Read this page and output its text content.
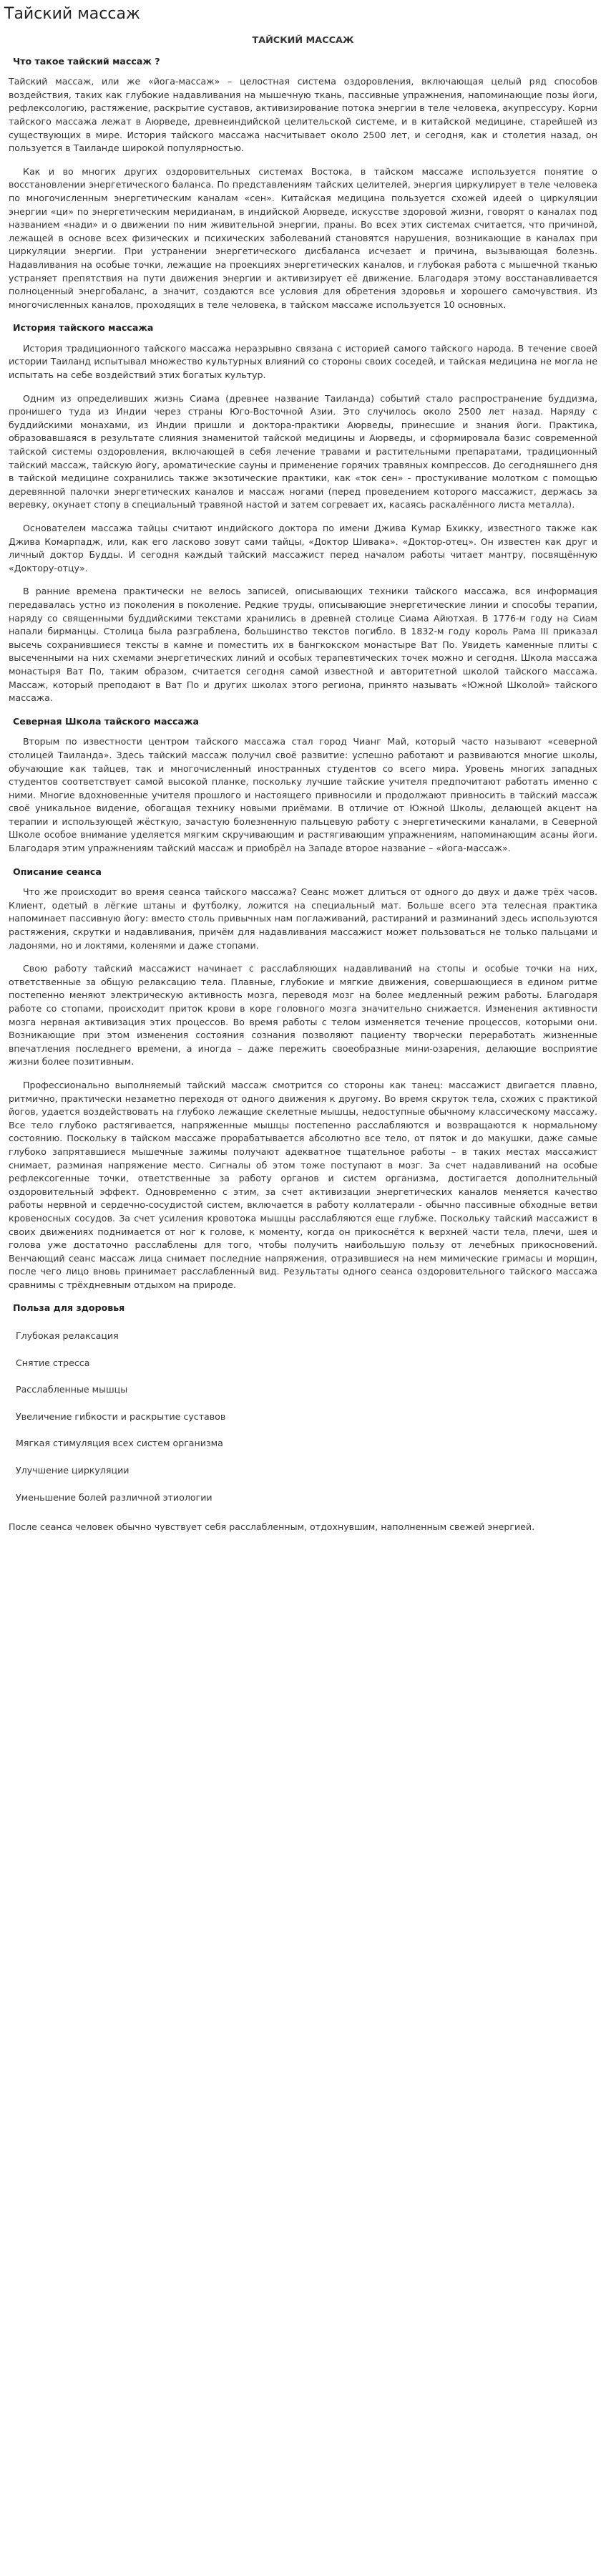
Тайский массаж
ТАЙСКИЙ МАССАЖ
Что такое тайский массаж ?

Тайский массаж, или же «йога-массаж» – целостная система оздоровления, включающая целый ряд способов воздействия, таких как глубокие надавливания на мышечную ткань, пассивные упражнения, напоминающие позы йоги, рефлексологию, растяжение, раскрытие суставов, активизирование потока энергии в теле человека, акупрессуру. Корни тайского массажа лежат в Аюрведе, древнеиндийской целительской системе, и в китайской медицине, старейшей из существующих в мире. История тайского массажа насчитывает около 2500 лет, и сегодня, как и столетия назад, он пользуется в Таиланде широкой популярностью.

Как и во многих других оздоровительных системах Востока, в тайском массаже используется понятие о восстановлении энергетического баланса. По представлениям тайских целителей, энергия циркулирует в теле человека по многочисленным энергетическим каналам «сен». Китайская медицина пользуется схожей идеей о циркуляции энергии «ци» по энергетическим меридианам, в индийской Аюрведе, искусстве здоровой жизни, говорят о каналах под названием «нади» и о движении по ним живительной энергии, праны. Во всех этих системах считается, что причиной, лежащей в основе всех физических и психических заболеваний становятся нарушения, возникающие в каналах при циркуляции энергии. При устранении энергетического дисбаланса исчезает и причина, вызывающая болезнь. Надавливания на особые точки, лежащие на проекциях энергетических каналов, и глубокая работа с мышечной тканью устраняет препятствия на пути движения энергии и активизирует её движение. Благодаря этому восстанавливается полноценный энергобаланс, а значит, создаются все условия для обретения здоровья и хорошего самочувствия. Из многочисленных каналов, проходящих в теле человека, в тайском массаже используется 10 основных.

История тайского массажа

История традиционного тайского массажа неразрывно связана с историей самого тайского народа. В течение своей истории Таиланд испытывал множество культурных влияний со стороны своих соседей, и тайская медицина не могла не испытать на себе воздействий этих богатых культур.

Одним из определивших жизнь Сиама (древнее название Таиланда) событий стало распространение буддизма, пронишего туда из Индии через страны Юго-Восточной Азии. Это случилось около 2500 лет назад. Наряду с буддийскими монахами, из Индии пришли и доктора-практики Аюрведы, принесшие и знания йоги. Практика, образовавшаяся в результате слияния знаменитой тайской медицины и Аюрведы, и сформировала базис современной тайской системы оздоровления, включающей в себя лечение травами и растительными препаратами, традиционный тайский массаж, тайскую йогу, ароматические сауны и применение горячих травяных компрессов. До сегодняшнего дня в тайской медицине сохранились также экзотические практики, как «ток сен» - простукивание молотком с помощью деревянной палочки энергетических каналов и массаж ногами (перед проведением которого массажист, держась за веревку, окунает стопу в специальный травяной настой и затем согревает их, касаясь раскалённого листа металла).

Основателем массажа тайцы считают индийского доктора по имени Дживa Кумар Бхикку, известного также как Дживa Комарпадж, или, как его ласково зовут сами тайцы, «Доктор Шивака». «Доктор-отец». Он известен как друг и личный доктор Будды. И сегодня каждый тайский массажист перед началом работы читает мантру, посвящённую «Доктору-отцу».

В ранние времена практически не велось записей, описывающих техники тайского массажа, вся информация передавалась устно из поколения в поколение. Редкие труды, описывающие энергетические линии и способы терапии, наряду со священными буддийскими текстами хранились в древней столице Сиама Айютхая. В 1776-м году на Сиам напали бирманцы. Столица была разграблена, большинство текстов погибло. В 1832-м году король Рама III приказал высечь сохранившиеся тексты в камне и поместить их в бангкокском монастыре Ват По. Увидеть каменные плиты с высеченными на них схемами энергетических линий и особых терапевтических точек можно и сегодня. Школа массажа монастыря Ват По, таким образом, считается сегодня самой известной и авторитетной школой тайского массажа. Массаж, который преподают в Ват По и других школах этого региона, принято называть «Южной Школой» тайского массажа.

Северная Школа тайского массажа

Вторым по известности центром тайского массажа стал город Чианг Май, который часто называют «северной столицей Таиланда». Здесь тайский массаж получил своё развитие: успешно работают и развиваются многие школы, обучающие как тайцев, так и многочисленный иностранных студентов со всего мира. Уровень многих западных студентов соответствует самой высокой планке, поскольку лучшие тайские учителя предпочитают работать именно с ними. Многие вдохновенные учителя прошлого и настоящего привносили и продолжают привносить в тайский массаж своё уникальное видение, обогащая технику новыми приёмами. В отличие от Южной Школы, делающей акцент на терапии и использующей жёсткую, зачастую болезненную пальцевую работу с энергетическими каналами, в Северной Школе особое внимание уделяется мягким скручивающим и растягивающим упражнениям, напоминающим асаны йоги. Благодаря этим упражнениям тайский массаж и приобрёл на Западе второе название – «йога-массаж».

Описание сеанса

Что же происходит во время сеанса тайского массажа? Сеанс может длиться от одного до двух и даже трёх часов. Клиент, одетый в лёгкие штаны и футболку, ложится на специальный мат. Больше всего эта телесная практика напоминает пассивную йогу: вместо столь привычных нам поглаживаний, растираний и разминаний здесь используются растяжения, скрутки и надавливания, причём для надавливания массажист может пользоваться не только пальцами и ладонями, но и локтями, коленями и даже стопами.

Свою работу тайский массажист начинает с расслабляющих надавливаний на стопы и особые точки на них, ответственные за общую релаксацию тела. Плавные, глубокие и мягкие движения, совершающиеся в едином ритме постепенно меняют электрическую активность мозга, переводя мозг на более медленный режим работы. Благодаря работе со стопами, происходит приток крови в коре головного мозга значительно снижается. Изменения активности мозга нервная активизация этих процессов. Во время работы с телом изменяется течение процессов, которыми они. Возникающие при этом изменения состояния сознания позволяют пациенту творчески переработать жизненные впечатления последнего времени, а иногда – даже пережить своеобразные мини-озарения, делающие восприятие жизни более позитивным.

Профессионально выполняемый тайский массаж смотрится со стороны как танец: массажист двигается плавно, ритмично, практически незаметно переходя от одного движения к другому. Во время скруток тела, схожих с практикой йогов, удается воздействовать на глубоко лежащие скелетные мышцы, недоступные обычному классическому массажу. Все тело глубоко растягивается, напряженные мышцы постепенно расслабляются и возвращаются к нормальному состоянию. Поскольку в тайском массаже прорабатывается абсолютно все тело, от пяток и до макушки, даже самые глубоко запрятавшиеся мышечные зажимы получают адекватное тщательное работы – в таких местах массажист снимает, разминая напряжение место. Сигналы об этом тоже поступают в мозг. За счет надавливаний на особые рефлексогенные точки, ответственные за работу органов и систем организма, достигается дополнительный оздоровительный эффект. Одновременно с этим, за счет активизации энергетических каналов меняется качество работы нервной и сердечно-сосудистой систем, включается в работу коллатерали - обычно пассивные обходные ветви кровеносных сосудов. За счет усиления кровотока мышцы расслабляются еще глубже. Поскольку тайский массажист в своих движениях поднимается от ног к голове, к моменту, когда он прикоснётся к верхней части тела, плечи, шея и голова уже достаточно расслаблены для того, чтобы получить наибольшую пользу от лечебных прикосновений. Венчающий сеанс массаж лица снимает последние напряжения, отразившиеся на нем мимические гримасы и морщин, после чего лицо вновь принимает расслабленный вид. Результаты одного сеанса оздоровительного тайского массажа сравнимы с трёхдневным отдыхом на природе.

Польза для здоровья
Глубокая релаксация
Снятие стресса
Расслабленные мышцы
Увеличение гибкости и раскрытие суставов
Мягкая стимуляция всех систем организма
Улучшение циркуляции
Уменьшение болей различной этиологии

После сеанса человек обычно чувствует себя расслабленным, отдохнувшим, наполненным свежей энергией.
